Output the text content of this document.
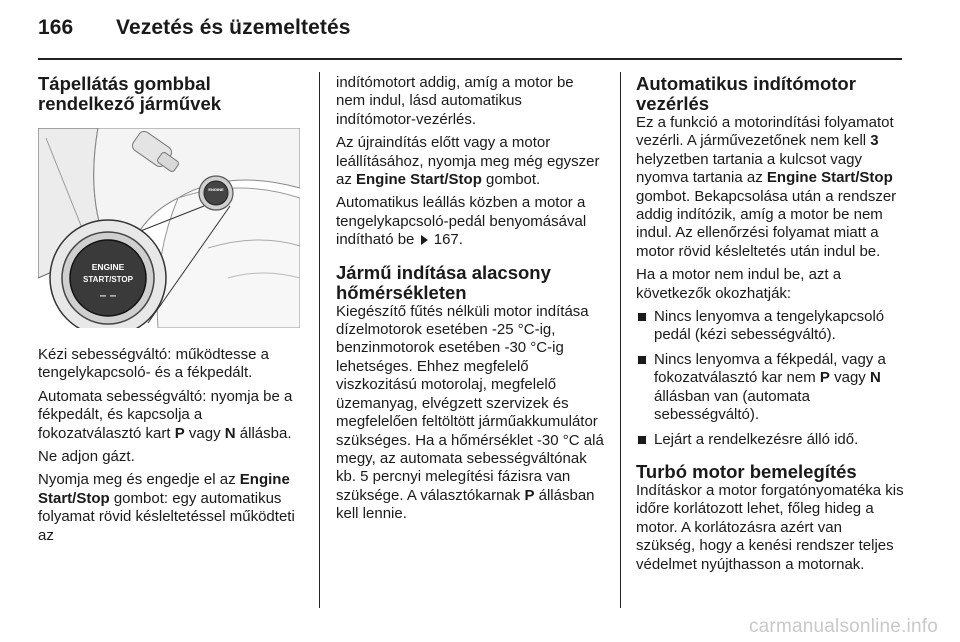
166 Vezetés és üzemeltetés
Tápellátás gombbal rendelkező járművek
ENGINE
ENGINE
START/STOP
– –

Kézi sebességváltó: működtesse a tengelykapcsoló- és a fékpedált.

Automata sebességváltó: nyomja be a fékpedált, és kapcsolja a fokozatválasztó kart P vagy N állásba.

Ne adjon gázt.

Nyomja meg és engedje el az Engine Start/Stop gombot: egy automatikus folyamat rövid késleltetéssel működteti az

indítómotort addig, amíg a motor be nem indul, lásd automatikus indítómotor-vezérlés.

Az újraindítás előtt vagy a motor leállításához, nyomja meg még egyszer az Engine Start/Stop gombot.

Automatikus leállás közben a motor a tengelykapcsoló-pedál benyomásával indítható be  167.

Jármű indítása alacsony hőmérsékleten

Kiegészítő fűtés nélküli motor indítása dízelmotorok esetében -25 °C-ig, benzinmotorok esetében -30 °C-ig lehetséges. Ehhez megfelelő viszkozitású motorolaj, megfelelő üzemanyag, elvégzett szervizek és megfelelően feltöltött járműakkumulátor szükséges. Ha a hőmérséklet -30 °C alá megy, az automata sebességváltónak kb. 5 percnyi melegítési fázisra van szüksége. A választókarnak P állásban kell lennie.

Automatikus indítómotor vezérlés

Ez a funkció a motorindítási folyamatot vezérli. A járművezetőnek nem kell 3 helyzetben tartania a kulcsot vagy nyomva tartania az Engine Start/Stop gombot. Bekapcsolása után a rendszer addig indítózik, amíg a motor be nem indul. Az ellenőrzési folyamat miatt a motor rövid késleltetés után indul be.

Ha a motor nem indul be, azt a következők okozhatják:

Nincs lenyomva a tengelykapcsoló pedál (kézi sebességváltó).
Nincs lenyomva a fékpedál, vagy a fokozatválasztó kar nem P vagy N állásban van (automata sebességváltó).
Lejárt a rendelkezésre álló idő.
Turbó motor bemelegítés

Indításkor a motor forgatónyomatéka kis időre korlátozott lehet, főleg hideg a motor. A korlátozásra azért van szükség, hogy a kenési rendszer teljes védelmet nyújthasson a motornak.

carmanualsonline.info
